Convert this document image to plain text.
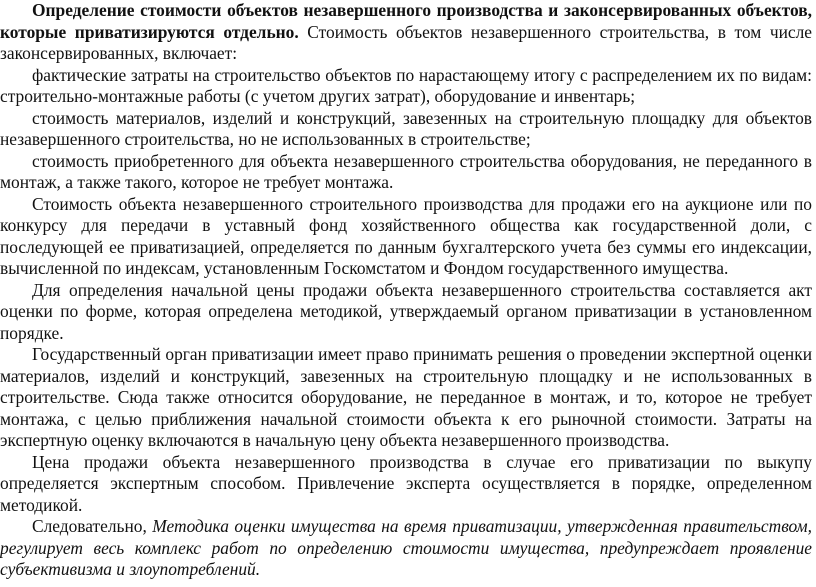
Определение стоимости объектов незавершенного производства и законсервированных объектов, которые приватизируются отдельно. Стоимость объектов незавершенного строительства, в том числе законсервированных, включает:

фактические затраты на строительство объектов по нарастающему итогу с распределением их по видам: строительно-монтажные работы (с учетом других затрат), оборудование и инвентарь;

стоимость материалов, изделий и конструкций, завезенных на строительную площадку для объектов незавершенного строительства, но не использованных в строительстве;

стоимость приобретенного для объекта незавершенного строительства оборудования, не переданного в монтаж, а также такого, которое не требует монтажа.

Стоимость объекта незавершенного строительного производства для продажи его на аукционе или по конкурсу для передачи в уставный фонд хозяйственного общества как государственной доли, с последующей ее приватизацией, определяется по данным бухгалтерского учета без суммы его индексации, вычисленной по индексам, установленным Госкомстатом и Фондом государственного имущества.

Для определения начальной цены продажи объекта незавершенного строительства составляется акт оценки по форме, которая определена методикой, утверждаемый органом приватизации в установленном порядке.

Государственный орган приватизации имеет право принимать решения о проведении экспертной оценки материалов, изделий и конструкций, завезенных на строительную площадку и не использованных в строительстве. Сюда также относится оборудование, не переданное в монтаж, и то, которое не требует монтажа, с целью приближения начальной стоимости объекта к его рыночной стоимости. Затраты на экспертную оценку включаются в начальную цену объекта незавершенного производства.

Цена продажи объекта незавершенного производства в случае его приватизации по выкупу определяется экспертным способом. Привлечение эксперта осуществляется в порядке, определенном методикой.

Следовательно, Методика оценки имущества на время приватизации, утвержденная правительством, регулирует весь комплекс работ по определению стоимости имущества, предупреждает проявление субъективизма и злоупотреблений.
